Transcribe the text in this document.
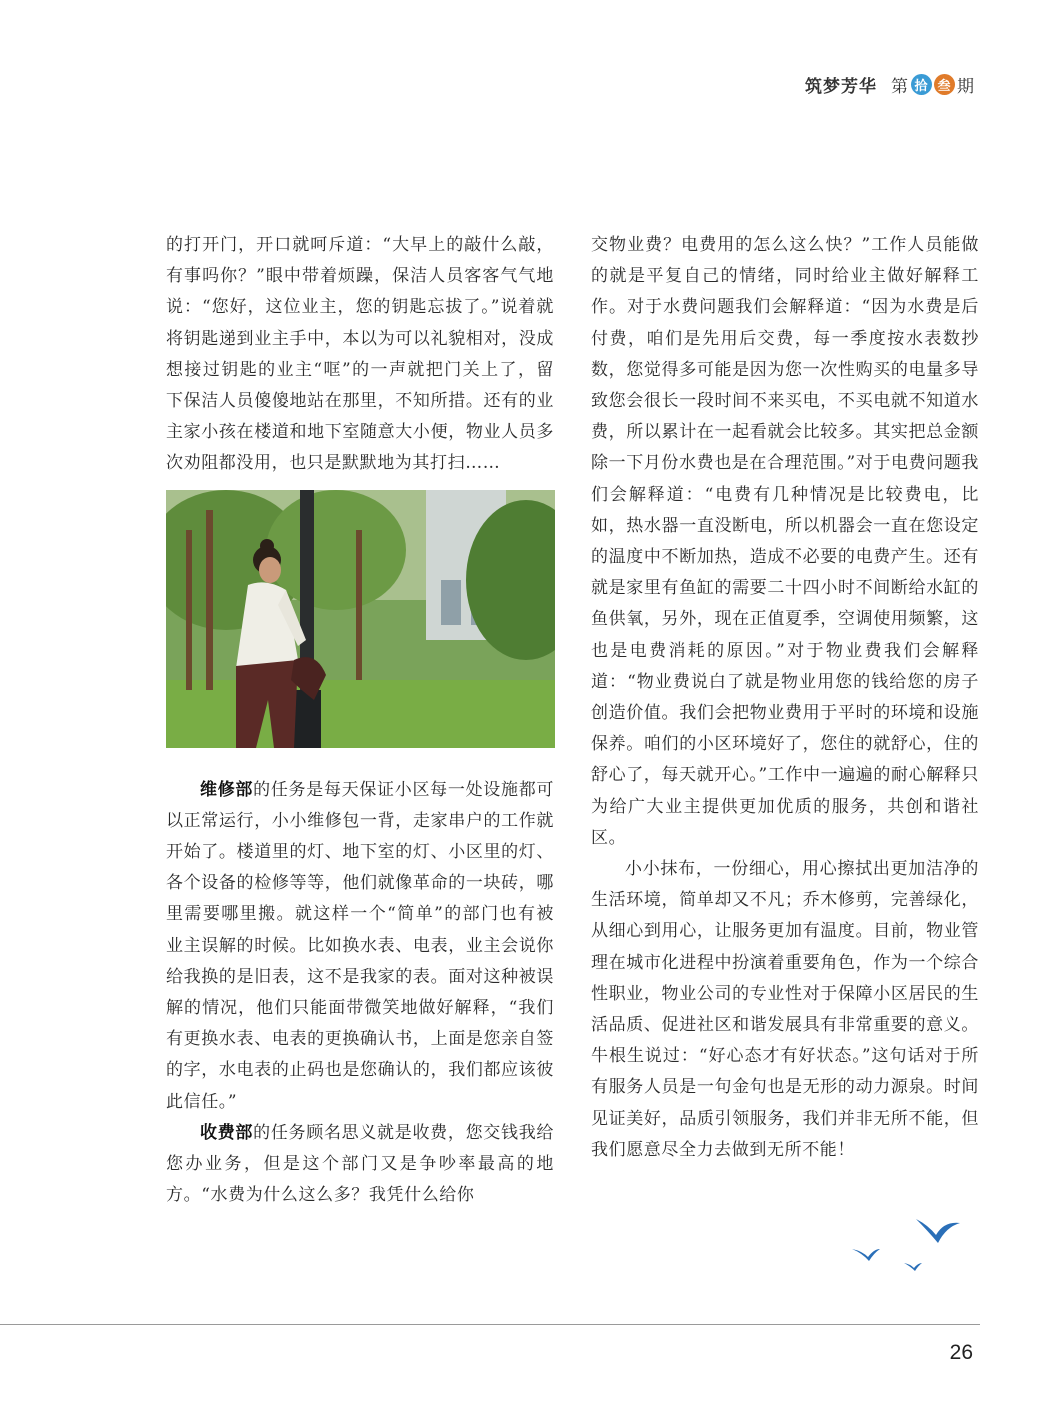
筑梦芳华 第 拾 叁 期

的打开门，开口就呵斥道：“大早上的敲什么敲，有事吗你？”眼中带着烦躁，保洁人员客客气气地说：“您好，这位业主，您的钥匙忘拔了。”说着就将钥匙递到业主手中，本以为可以礼貌相对，没成想接过钥匙的业主“哐”的一声就把门关上了，留下保洁人员傻傻地站在那里，不知所措。还有的业主家小孩在楼道和地下室随意大小便，物业人员多次劝阻都没用，也只是默默地为其打扫……

维修部的任务是每天保证小区每一处设施都可以正常运行，小小维修包一背，走家串户的工作就开始了。楼道里的灯、地下室的灯、小区里的灯、各个设备的检修等等，他们就像革命的一块砖，哪里需要哪里搬。就这样一个“简单”的部门也有被业主误解的时候。比如换水表、电表，业主会说你给我换的是旧表，这不是我家的表。面对这种被误解的情况，他们只能面带微笑地做好解释，“我们有更换水表、电表的更换确认书，上面是您亲自签的字，水电表的止码也是您确认的，我们都应该彼此信任。”

收费部的任务顾名思义就是收费，您交钱我给您办业务，但是这个部门又是争吵率最高的地方。“水费为什么这么多？我凭什么给你

交物业费？电费用的怎么这么快？”工作人员能做的就是平复自己的情绪，同时给业主做好解释工作。对于水费问题我们会解释道：“因为水费是后付费，咱们是先用后交费，每一季度按水表数抄数，您觉得多可能是因为您一次性购买的电量多导致您会很长一段时间不来买电，不买电就不知道水费，所以累计在一起看就会比较多。其实把总金额除一下月份水费也是在合理范围。”对于电费问题我们会解释道：“电费有几种情况是比较费电，比如，热水器一直没断电，所以机器会一直在您设定的温度中不断加热，造成不必要的电费产生。还有就是家里有鱼缸的需要二十四小时不间断给水缸的鱼供氧，另外，现在正值夏季，空调使用频繁，这也是电费消耗的原因。”对于物业费我们会解释道：“物业费说白了就是物业用您的钱给您的房子创造价值。我们会把物业费用于平时的环境和设施保养。咱们的小区环境好了，您住的就舒心，住的舒心了，每天就开心。”工作中一遍遍的耐心解释只为给广大业主提供更加优质的服务，共创和谐社区。

小小抹布，一份细心，用心擦拭出更加洁净的生活环境，简单却又不凡；乔木修剪，完善绿化，从细心到用心，让服务更加有温度。目前，物业管理在城市化进程中扮演着重要角色，作为一个综合性职业，物业公司的专业性对于保障小区居民的生活品质、促进社区和谐发展具有非常重要的意义。牛根生说过：“好心态才有好状态。”这句话对于所有服务人员是一句金句也是无形的动力源泉。时间见证美好，品质引领服务，我们并非无所不能，但我们愿意尽全力去做到无所不能！

26
